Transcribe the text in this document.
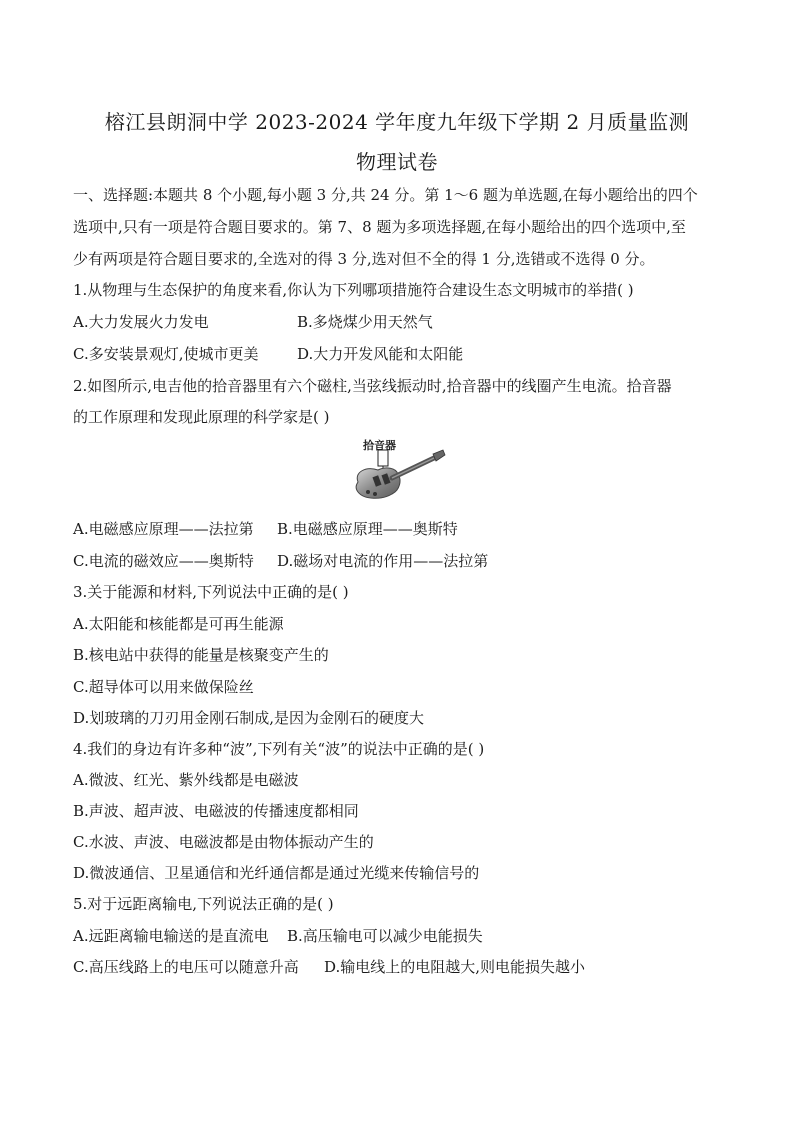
榕江县朗洞中学 2023-2024 学年度九年级下学期 2 月质量监测
物理试卷
一、选择题:本题共 8 个小题,每小题 3 分,共 24 分。第 1～6 题为单选题,在每小题给出的四个
选项中,只有一项是符合题目要求的。第 7、8 题为多项选择题,在每小题给出的四个选项中,至
少有两项是符合题目要求的,全选对的得 3 分,选对但不全的得 1 分,选错或不选得 0 分。
1.从物理与生态保护的角度来看,你认为下列哪项措施符合建设生态文明城市的举措( )
A.大力发展火力发电	B.多烧煤少用天然气
C.多安装景观灯,使城市更美	D.大力开发风能和太阳能
2.如图所示,电吉他的拾音器里有六个磁柱,当弦线振动时,拾音器中的线圈产生电流。拾音器
的工作原理和发现此原理的科学家是( )
拾音器
A.电磁感应原理——法拉第 B.电磁感应原理——奥斯特
C.电流的磁效应——奥斯特 D.磁场对电流的作用——法拉第
3.关于能源和材料,下列说法中正确的是( )
A.太阳能和核能都是可再生能源
B.核电站中获得的能量是核聚变产生的
C.超导体可以用来做保险丝
D.划玻璃的刀刃用金刚石制成,是因为金刚石的硬度大
4.我们的身边有许多种“波”,下列有关“波”的说法中正确的是( )
A.微波、红光、紫外线都是电磁波
B.声波、超声波、电磁波的传播速度都相同
C.水波、声波、电磁波都是由物体振动产生的
D.微波通信、卫星通信和光纤通信都是通过光缆来传输信号的
5.对于远距离输电,下列说法正确的是( )
A.远距离输电输送的是直流电 B.高压输电可以减少电能损失
C.高压线路上的电压可以随意升高 D.输电线上的电阻越大,则电能损失越小
